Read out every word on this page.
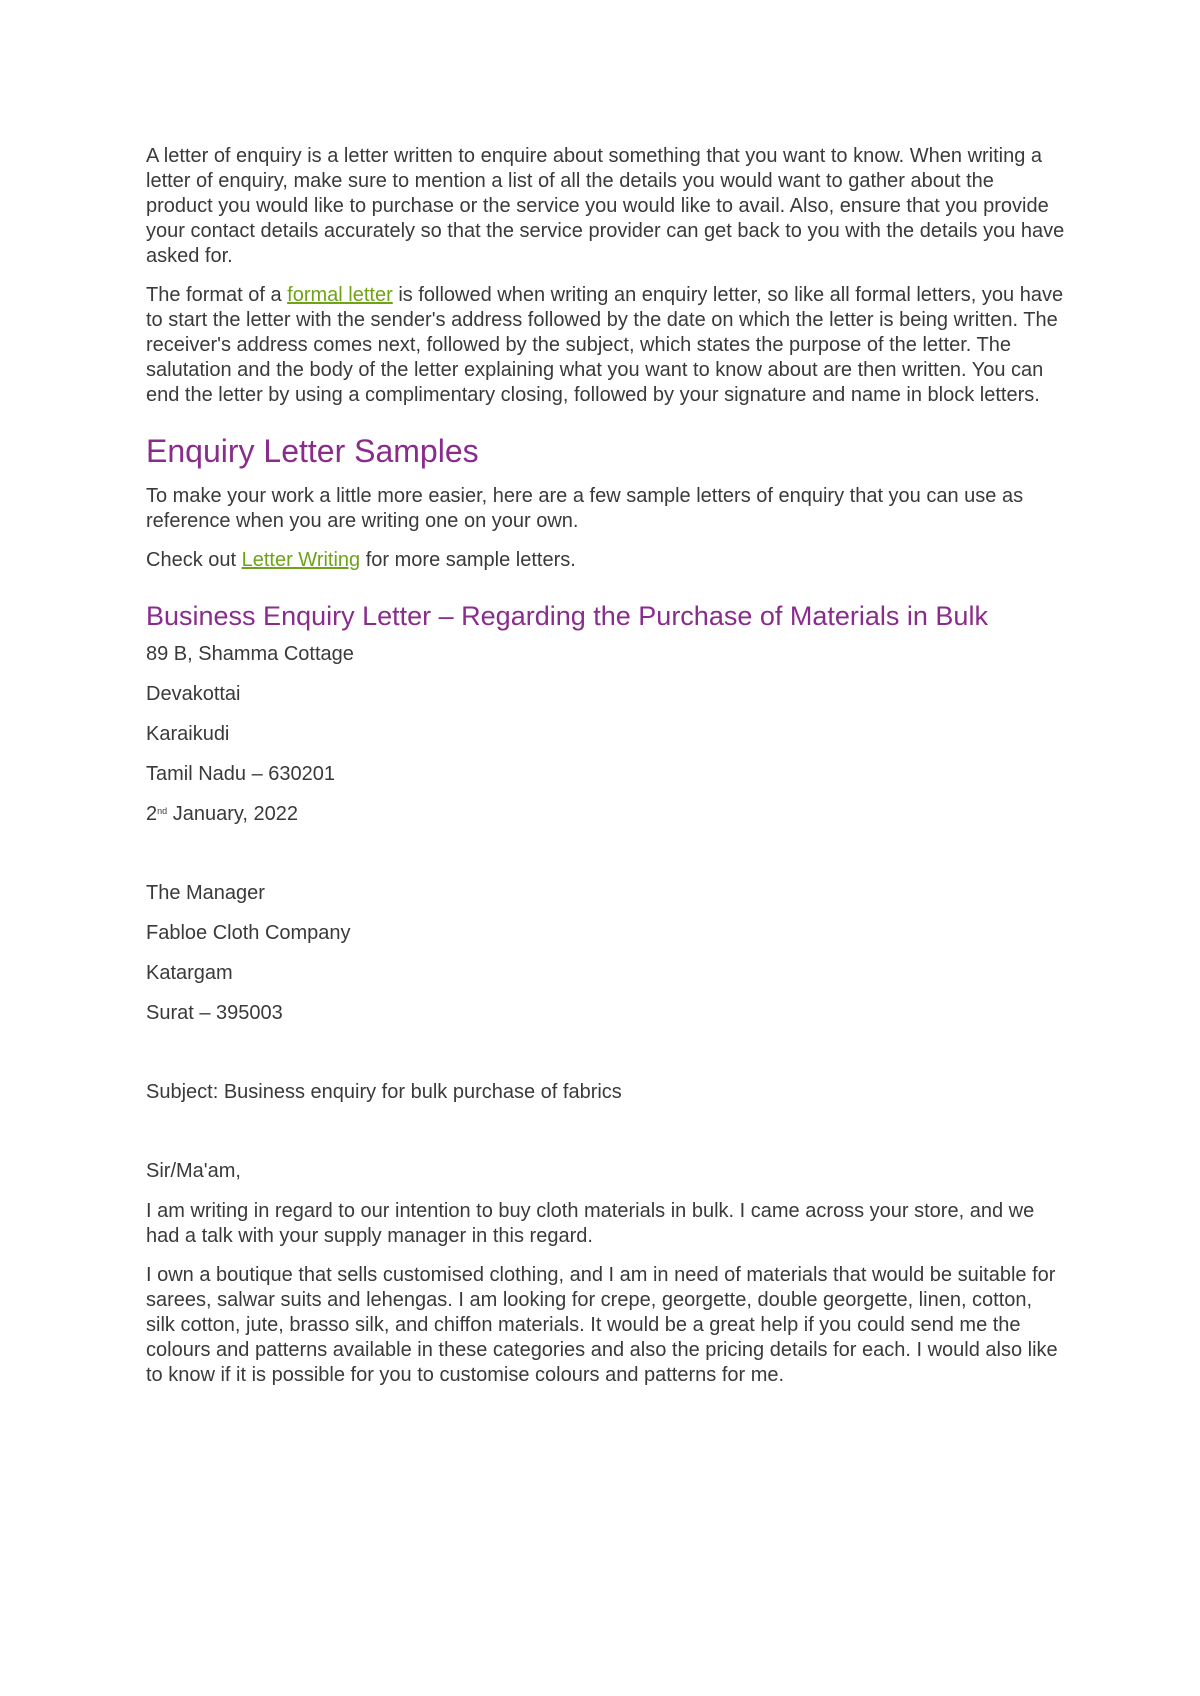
A letter of enquiry is a letter written to enquire about something that you want to know. When writing a letter of enquiry, make sure to mention a list of all the details you would want to gather about the product you would like to purchase or the service you would like to avail. Also, ensure that you provide your contact details accurately so that the service provider can get back to you with the details you have asked for.

The format of a formal letter is followed when writing an enquiry letter, so like all formal letters, you have to start the letter with the sender's address followed by the date on which the letter is being written. The receiver's address comes next, followed by the subject, which states the purpose of the letter. The salutation and the body of the letter explaining what you want to know about are then written. You can end the letter by using a complimentary closing, followed by your signature and name in block letters.

Enquiry Letter Samples

To make your work a little more easier, here are a few sample letters of enquiry that you can use as reference when you are writing one on your own.

Check out Letter Writing for more sample letters.

Business Enquiry Letter – Regarding the Purchase of Materials in Bulk
89 B, Shamma Cottage
Devakottai
Karaikudi
Tamil Nadu – 630201
2nd January, 2022
The Manager
Fabloe Cloth Company
Katargam
Surat – 395003
Subject: Business enquiry for bulk purchase of fabrics
Sir/Ma'am,

I am writing in regard to our intention to buy cloth materials in bulk. I came across your store, and we had a talk with your supply manager in this regard.

I own a boutique that sells customised clothing, and I am in need of materials that would be suitable for sarees, salwar suits and lehengas. I am looking for crepe, georgette, double georgette, linen, cotton, silk cotton, jute, brasso silk, and chiffon materials. It would be a great help if you could send me the colours and patterns available in these categories and also the pricing details for each. I would also like to know if it is possible for you to customise colours and patterns for me.
